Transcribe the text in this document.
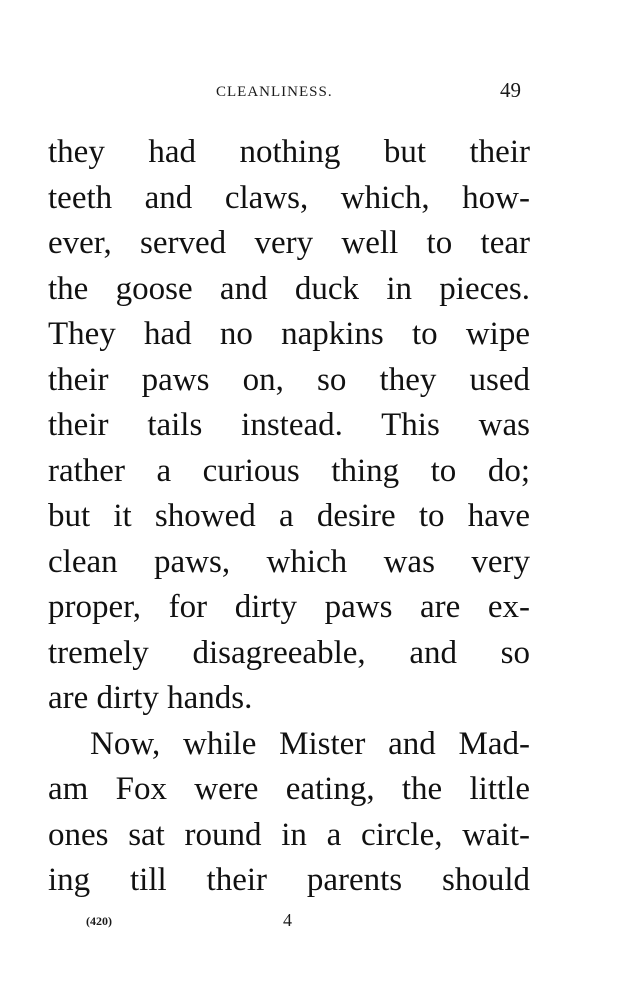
CLEANLINESS.	49
they had nothing but their
teeth and claws, which, how-
ever, served very well to tear
the goose and duck in pieces.
They had no napkins to wipe
their paws on, so they used
their tails instead. This was
rather a curious thing to do;
but it showed a desire to have
clean paws, which was very
proper, for dirty paws are ex-
tremely disagreeable, and so
are dirty hands.
Now, while Mister and Mad-
am Fox were eating, the little
ones sat round in a circle, wait-
ing till their parents should
(420)	4
